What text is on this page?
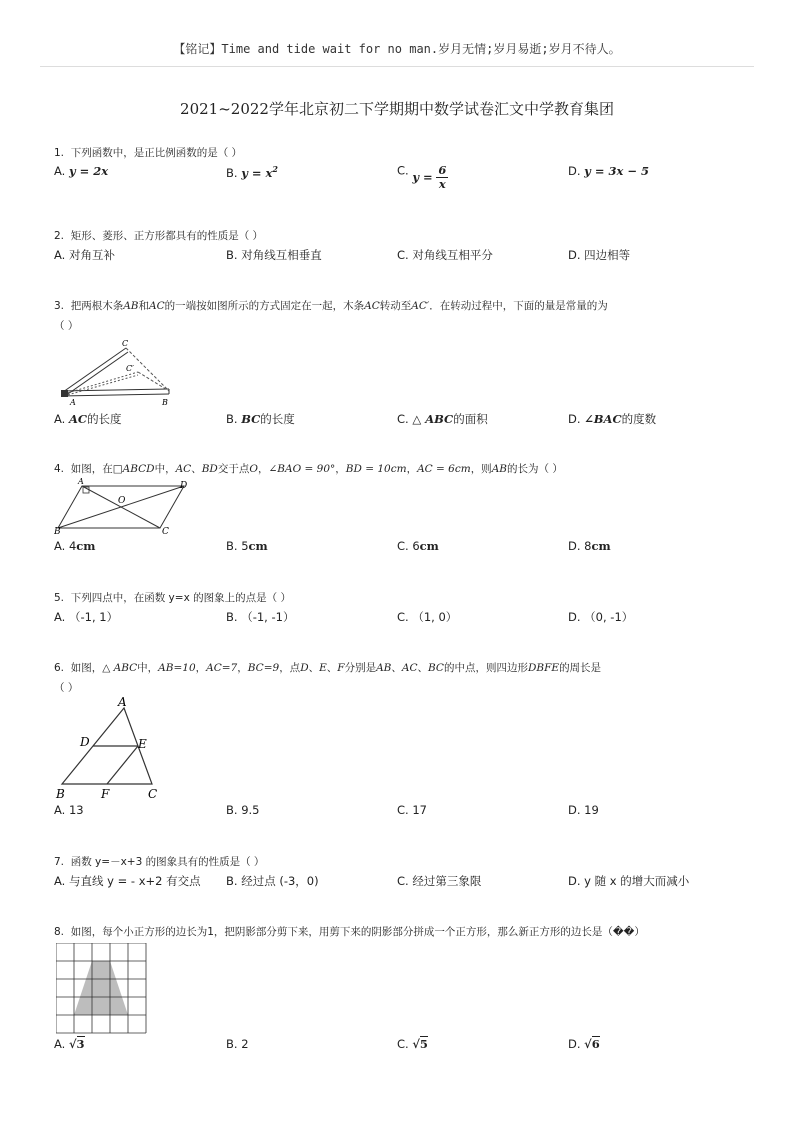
【铭记】Time and tide wait for no man.岁月无情;岁月易逝;岁月不待人。
2021~2022学年北京初二下学期期中数学试卷汇文中学教育集团
1. 下列函数中，是正比例函数的是（ ）
A. y = 2x	B. $y = x^2$	C. $y = \frac{6}{x}$	D. y = 3x − 5
2. 矩形、菱形、正方形都具有的性质是（ ）
A. 对角互补	B. 对角线互相垂直	C. 对角线互相平分	D. 四边相等
3. 把两根木条AB和AC的一端按如图所示的方式固定在一起，木条AC转动至AC′．在转动过程中，下面的量是常量的为
（ ）
C
C′
A	B
A. AC的长度	B. BC的长度	C. △ ABC的面积	D. ∠BAC的度数
4. 如图，在□ABCD中，AC、BD交于点O，∠BAO = 90°，BD = 10cm，AC = 6cm，则AB的长为（ ）
A	D
O
B	C
A. 4cm	B. 5cm	C. 6cm	D. 8cm
5. 下列四点中，在函数 y=x 的图象上的点是（ ）
A. （-1, 1）	B. （-1, -1）	C. （1, 0）	D. （0, -1）
6. 如图，△ ABC中，AB=10，AC=7，BC=9，点D、E、F分别是AB、AC、BC的中点，则四边形DBFE的周长是
（ ）
A
D	E
B	F	C
A. 13	B. 9.5	C. 17	D. 19
7. 函数 y=－x+3 的图象具有的性质是（ ）
A. 与直线 y = - x+2 有交点 B. 经过点 (-3，0)	C. 经过第三象限	D. y 随 x 的增大而减小
8. 如图，每个小正方形的边长为1，把阴影部分剪下来，用剪下来的阴影部分拼成一个正方形，那么新正方形的边长是（��）
A. √3	B. 2	C. √5	D. √6
